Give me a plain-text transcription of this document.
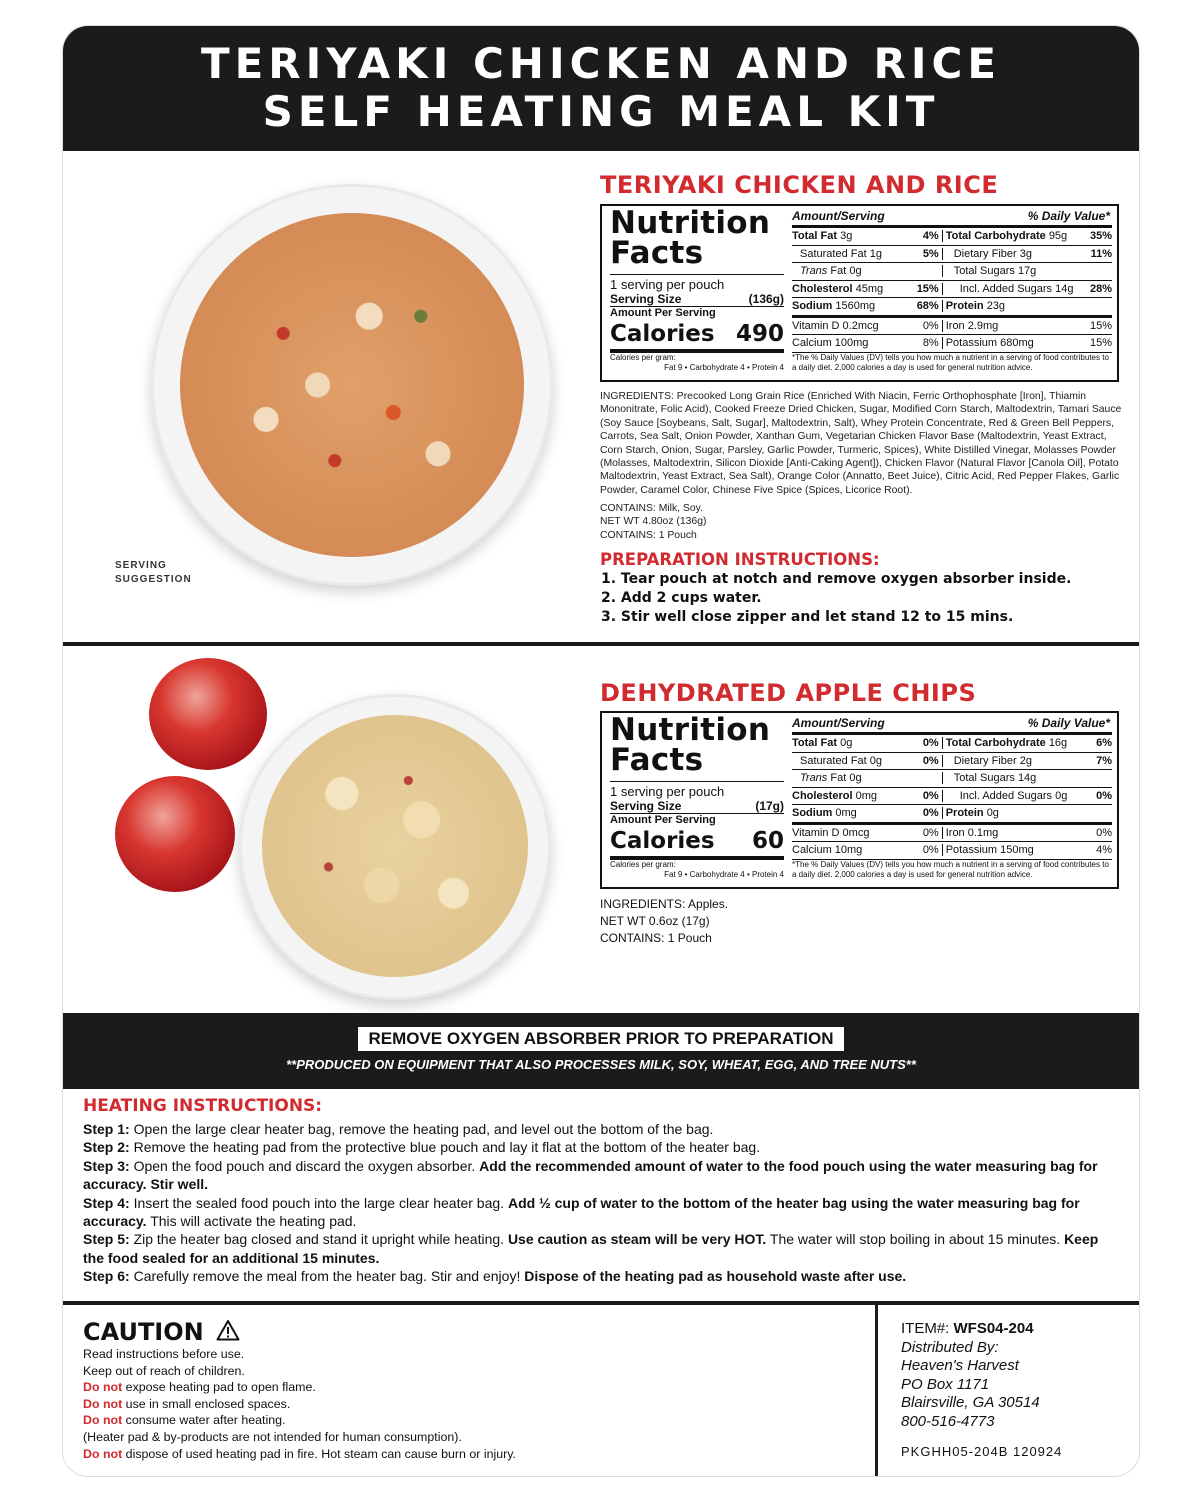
TERIYAKI CHICKEN AND RICE
SELF HEATING MEAL KIT
SERVING
SUGGESTION
TERIYAKI CHICKEN AND RICE
Nutrition
Facts
1 serving per pouch
Serving Size	(136g)
Amount Per Serving
Calories 490
Calories per gram:
Fat 9 • Carbohydrate 4 • Protein 4
Amount/Serving	% Daily Value*
Total Fat 3g	4% Total Carbohydrate 95g 35%
Saturated Fat 1g	5%	Dietary Fiber 3g	11%
Trans Fat 0g	Total Sugars 17g
Cholesterol 45mg	15%	Incl. Added Sugars 14g 28%
Sodium 1560mg	68% Protein 23g
Vitamin D 0.2mcg	0% Iron 2.9mg	15%
Calcium 100mg	8% Potassium 680mg	15%
*The % Daily Values (DV) tells you how much a nutrient in a serving of food contributes to a daily diet. 2,000 calories a day is used for general nutrition advice.
INGREDIENTS: Precooked Long Grain Rice (Enriched With Niacin, Ferric Orthophosphate [Iron], Thiamin Mononitrate, Folic Acid), Cooked Freeze Dried Chicken, Sugar, Modified Corn Starch, Maltodextrin, Tamari Sauce (Soy Sauce [Soybeans, Salt, Sugar], Maltodextrin, Salt), Whey Protein Concentrate, Red & Green Bell Peppers, Carrots, Sea Salt, Onion Powder, Xanthan Gum, Vegetarian Chicken Flavor Base (Maltodextrin, Yeast Extract, Corn Starch, Onion, Sugar, Parsley, Garlic Powder, Turmeric, Spices), White Distilled Vinegar, Molasses Powder (Molasses, Maltodextrin, Silicon Dioxide [Anti-Caking Agent]), Chicken Flavor (Natural Flavor [Canola Oil], Potato Maltodextrin, Yeast Extract, Sea Salt), Orange Color (Annatto, Beet Juice), Citric Acid, Red Pepper Flakes, Garlic Powder, Caramel Color, Chinese Five Spice (Spices, Licorice Root).
CONTAINS: Milk, Soy.
NET WT 4.80oz (136g)
CONTAINS: 1 Pouch
PREPARATION INSTRUCTIONS:
1. Tear pouch at notch and remove oxygen absorber inside.
2. Add 2 cups water.
3. Stir well close zipper and let stand 12 to 15 mins.
DEHYDRATED APPLE CHIPS
Nutrition
Facts
1 serving per pouch
Serving Size	(17g)
Amount Per Serving
Calories 60
Calories per gram:
Fat 9 • Carbohydrate 4 • Protein 4
Amount/Serving	% Daily Value*
Total Fat 0g	0% Total Carbohydrate 16g	6%
Saturated Fat 0g	0%	Dietary Fiber 2g	7%
Trans Fat 0g	Total Sugars 14g
Cholesterol 0mg	0%	Incl. Added Sugars 0g	0%
Sodium 0mg	0% Protein 0g
Vitamin D 0mcg	0% Iron 0.1mg	0%
Calcium 10mg	0% Potassium 150mg	4%
*The % Daily Values (DV) tells you how much a nutrient in a serving of food contributes to a daily diet. 2,000 calories a day is used for general nutrition advice.
INGREDIENTS: Apples.
NET WT 0.6oz (17g)
CONTAINS: 1 Pouch
REMOVE OXYGEN ABSORBER PRIOR TO PREPARATION
**PRODUCED ON EQUIPMENT THAT ALSO PROCESSES MILK, SOY, WHEAT, EGG, AND TREE NUTS**
HEATING INSTRUCTIONS:
Step 1: Open the large clear heater bag, remove the heating pad, and level out the bottom of the bag.
Step 2: Remove the heating pad from the protective blue pouch and lay it flat at the bottom of the heater bag.
Step 3: Open the food pouch and discard the oxygen absorber. Add the recommended amount of water to the food pouch using the water measuring bag for accuracy. Stir well.
Step 4: Insert the sealed food pouch into the large clear heater bag. Add ½ cup of water to the bottom of the heater bag using the water measuring bag for accuracy. This will activate the heating pad.
Step 5: Zip the heater bag closed and stand it upright while heating. Use caution as steam will be very HOT. The water will stop boiling in about 15 minutes. Keep the food sealed for an additional 15 minutes.
Step 6: Carefully remove the meal from the heater bag. Stir and enjoy! Dispose of the heating pad as household waste after use.
CAUTION
Read instructions before use.
Keep out of reach of children.
Do not expose heating pad to open flame.
Do not use in small enclosed spaces.
Do not consume water after heating.
(Heater pad & by-products are not intended for human consumption).
Do not dispose of used heating pad in fire. Hot steam can cause burn or injury.
ITEM#: WFS04-204
Distributed By:
Heaven's Harvest
PO Box 1171
Blairsville, GA 30514
800-516-4773
PKGHH05-204B 120924
